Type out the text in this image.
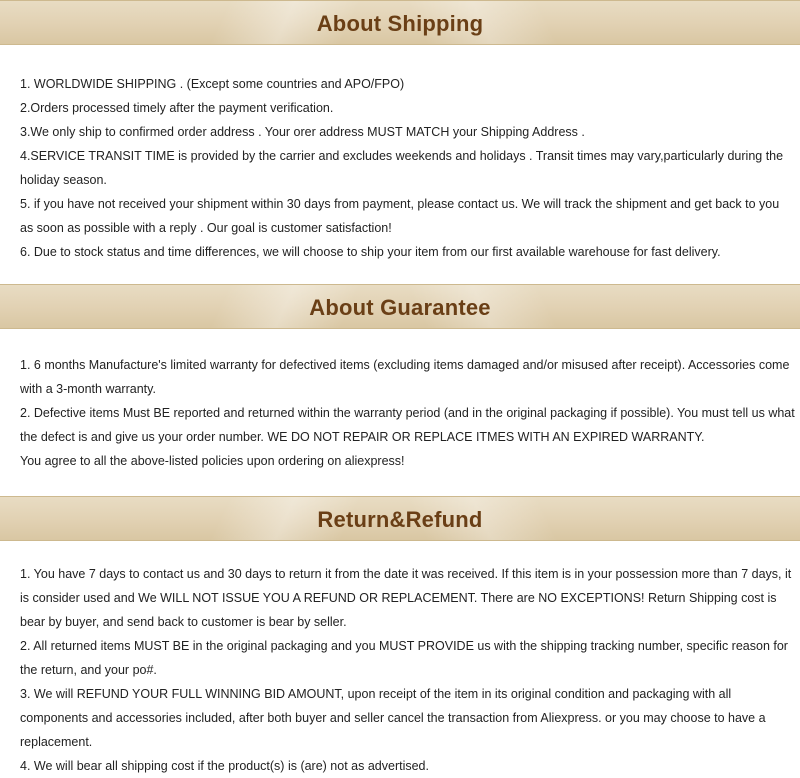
About Shipping

1. WORLDWIDE SHIPPING . (Except some countries and APO/FPO)

2.Orders processed timely after the payment verification.

3.We only ship to confirmed order address . Your orer address MUST MATCH your Shipping Address .

4.SERVICE TRANSIT TIME is provided by the carrier and excludes weekends and holidays . Transit times may vary,particularly during the holiday season.

5. if you have not received your shipment within 30 days from payment, please contact us. We will track the shipment and get back to you as soon as possible with a reply . Our goal is customer satisfaction!

6. Due to stock status and time differences, we will choose to ship your item from our first available warehouse for fast delivery.

About Guarantee

1. 6 months Manufacture's limited warranty for defectived items (excluding items damaged and/or misused after receipt). Accessories come with a 3-month warranty.

2. Defective items Must BE reported and returned within the warranty period (and in the original packaging if possible). You must tell us what the defect is and give us your order number. WE DO NOT REPAIR OR REPLACE ITMES WITH AN EXPIRED WARRANTY.

You agree to all the above-listed policies upon ordering on aliexpress!

Return&Refund

1. You have 7 days to contact us and 30 days to return it from the date it was received. If this item is in your possession more than 7 days, it is consider used and We WILL NOT ISSUE YOU A REFUND OR REPLACEMENT. There are NO EXCEPTIONS! Return Shipping cost is bear by buyer, and send back to customer is bear by seller.

2. All returned items MUST BE in the original packaging and you MUST PROVIDE us with the shipping tracking number, specific reason for the return, and your po#.

3. We will REFUND YOUR FULL WINNING BID AMOUNT, upon receipt of the item in its original condition and packaging with all components and accessories included, after both buyer and seller cancel the transaction from Aliexpress. or you may choose to have a replacement.

4. We will bear all shipping cost if the product(s) is (are) not as advertised.
